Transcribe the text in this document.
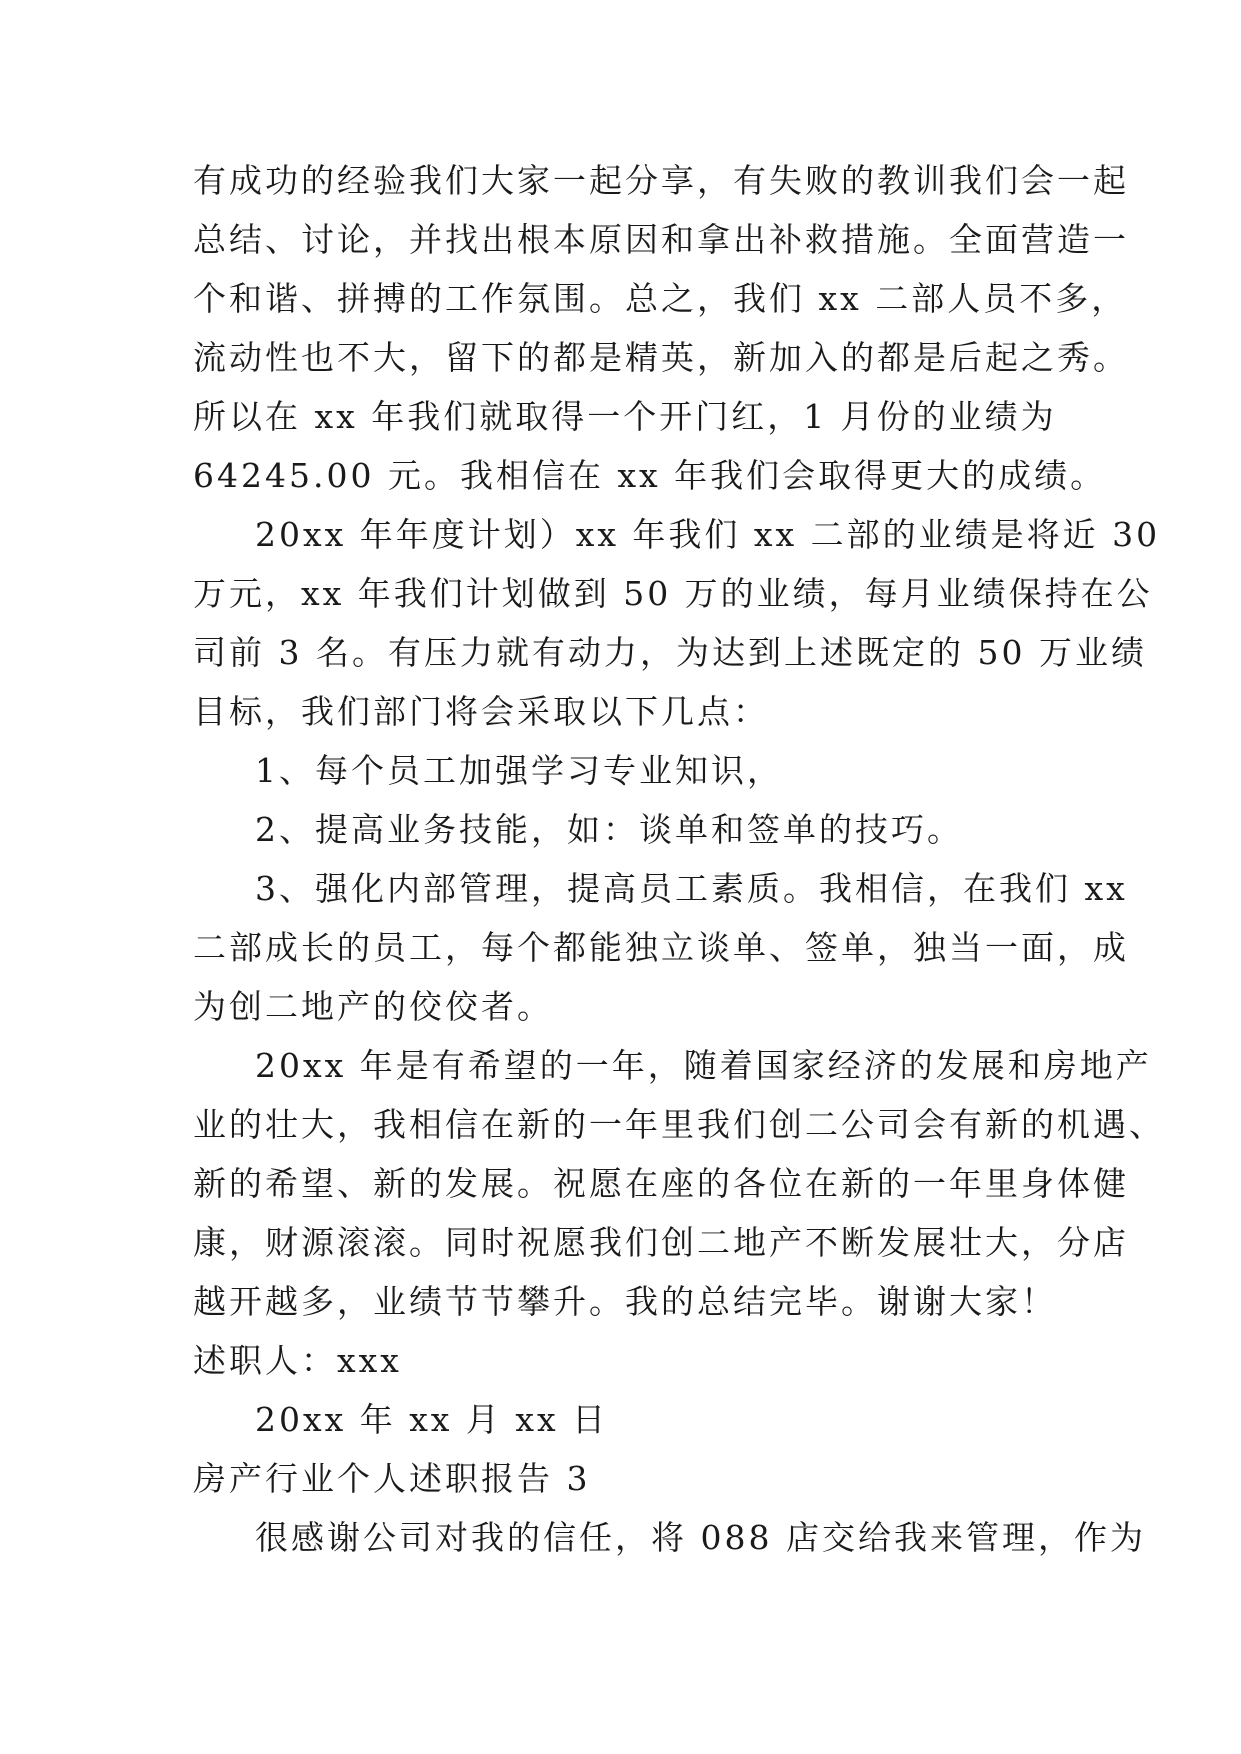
有成功的经验我们大家一起分享，有失败的教训我们会一起
总结、讨论，并找出根本原因和拿出补救措施。全面营造一
个和谐、拼搏的工作氛围。总之，我们 xx 二部人员不多，
流动性也不大，留下的都是精英，新加入的都是后起之秀。
所以在 xx 年我们就取得一个开门红，1 月份的业绩为
64245.00 元。我相信在 xx 年我们会取得更大的成绩。
20xx 年年度计划）xx 年我们 xx 二部的业绩是将近 30
万元，xx 年我们计划做到 50 万的业绩，每月业绩保持在公
司前 3 名。有压力就有动力，为达到上述既定的 50 万业绩
目标，我们部门将会采取以下几点：
1、每个员工加强学习专业知识，
2、提高业务技能，如：谈单和签单的技巧。
3、强化内部管理，提高员工素质。我相信，在我们 xx
二部成长的员工，每个都能独立谈单、签单，独当一面，成
为创二地产的佼佼者。
20xx 年是有希望的一年，随着国家经济的发展和房地产
业的壮大，我相信在新的一年里我们创二公司会有新的机遇、
新的希望、新的发展。祝愿在座的各位在新的一年里身体健
康，财源滚滚。同时祝愿我们创二地产不断发展壮大，分店
越开越多，业绩节节攀升。我的总结完毕。谢谢大家！
述职人：xxx
20xx 年 xx 月 xx 日
房产行业个人述职报告 3
很感谢公司对我的信任，将 088 店交给我来管理，作为
